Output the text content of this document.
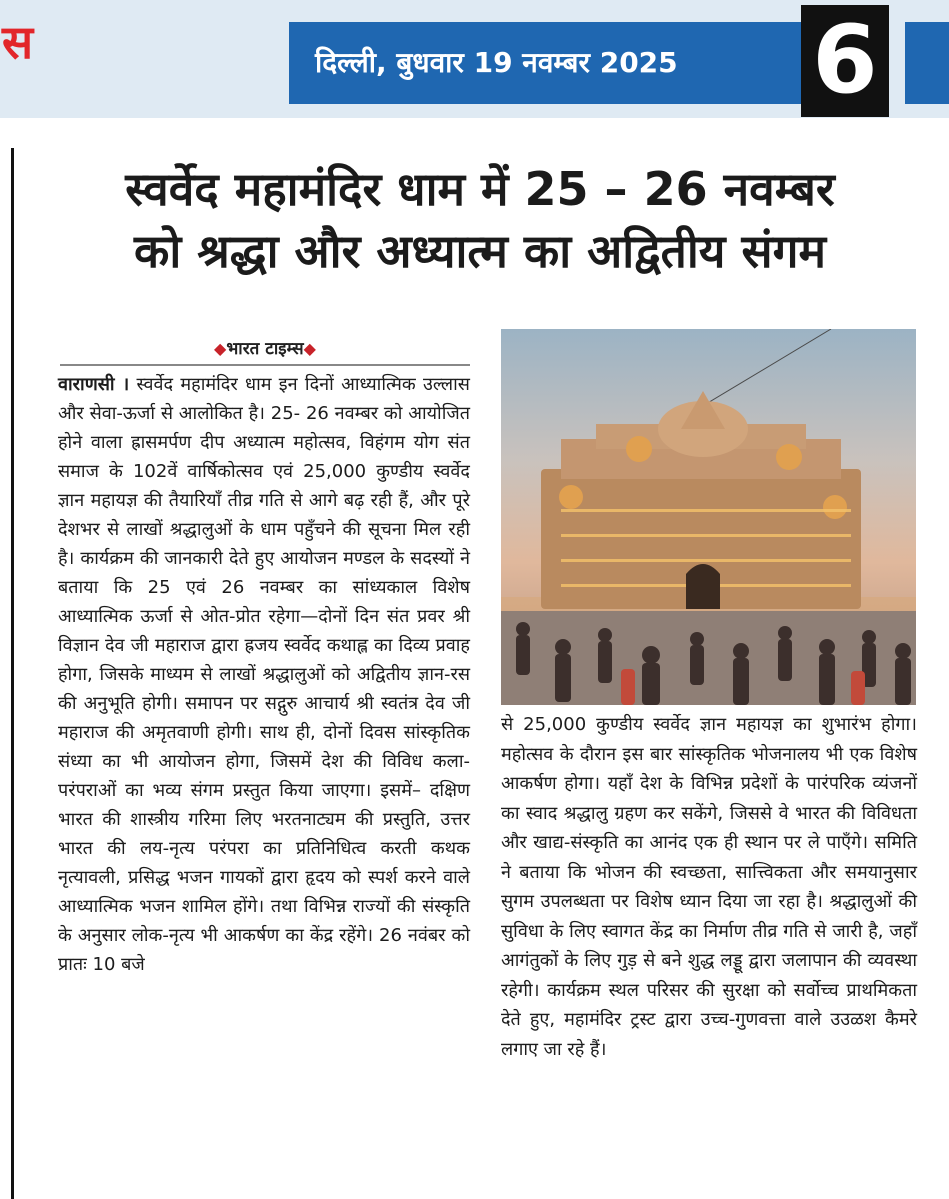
स	दिल्ली, बुधवार 19 नवम्बर 2025 6
स्वर्वेद महामंदिर धाम में 25 – 26 नवम्बर
को श्रद्धा और अध्यात्म का अद्वितीय संगम
◆भारत टाइम्स◆

वाराणसी । स्वर्वेद महामंदिर धाम इन दिनों आध्यात्मिक उल्लास और सेवा-ऊर्जा से आलोकित है। 25- 26 नवम्बर को आयोजित होने वाला ह्रासमर्पण दीप अध्यात्म महोत्सव, विहंगम योग संत समाज के 102वें वार्षिकोत्सव एवं 25,000 कुण्डीय स्वर्वेद ज्ञान महायज्ञ की तैयारियाँ तीव्र गति से आगे बढ़ रही हैं, और पूरे देशभर से लाखों श्रद्धालुओं के धाम पहुँचने की सूचना मिल रही है। कार्यक्रम की जानकारी देते हुए आयोजन मण्डल के सदस्यों ने बताया कि 25 एवं 26 नवम्बर का सांध्यकाल विशेष आध्यात्मिक ऊर्जा से ओत-प्रोत रहेगा—दोनों दिन संत प्रवर श्री विज्ञान देव जी महाराज द्वारा ह्रजय स्वर्वेद कथाह्ल का दिव्य प्रवाह होगा, जिसके माध्यम से लाखों श्रद्धालुओं को अद्वितीय ज्ञान-रस की अनुभूति होगी। समापन पर सद्गुरु आचार्य श्री स्वतंत्र देव जी महाराज की अमृतवाणी होगी। साथ ही, दोनों दिवस सांस्कृतिक संध्या का भी आयोजन होगा, जिसमें देश की विविध कला-परंपराओं का भव्य संगम प्रस्तुत किया जाएगा। इसमें– दक्षिण भारत की शास्त्रीय गरिमा लिए भरतनाट्यम की प्रस्तुति, उत्तर भारत की लय-नृत्य परंपरा का प्रतिनिधित्व करती कथक नृत्यावली, प्रसिद्ध भजन गायकों द्वारा हृदय को स्पर्श करने वाले आध्यात्मिक भजन शामिल होंगे। तथा विभिन्न राज्यों की संस्कृति के अनुसार लोक-नृत्य भी आकर्षण का केंद्र रहेंगे। 26 नवंबर को प्रातः 10 बजे

से 25,000 कुण्डीय स्वर्वेद ज्ञान महायज्ञ का शुभारंभ होगा। महोत्सव के दौरान इस बार सांस्कृतिक भोजनालय भी एक विशेष आकर्षण होगा। यहाँ देश के विभिन्न प्रदेशों के पारंपरिक व्यंजनों का स्वाद श्रद्धालु ग्रहण कर सकेंगे, जिससे वे भारत की विविधता और खाद्य-संस्कृति का आनंद एक ही स्थान पर ले पाएँगे। समिति ने बताया कि भोजन की स्वच्छता, सात्त्विकता और समयानुसार सुगम उपलब्धता पर विशेष ध्यान दिया जा रहा है। श्रद्धालुओं की सुविधा के लिए स्वागत केंद्र का निर्माण तीव्र गति से जारी है, जहाँ आगंतुकों के लिए गुड़ से बने शुद्ध लड्डू द्वारा जलापान की व्यवस्था रहेगी। कार्यक्रम स्थल परिसर की सुरक्षा को सर्वोच्च प्राथमिकता देते हुए, महामंदिर ट्रस्ट द्वारा उच्च-गुणवत्ता वाले उउळश कैमरे लगाए जा रहे हैं।
